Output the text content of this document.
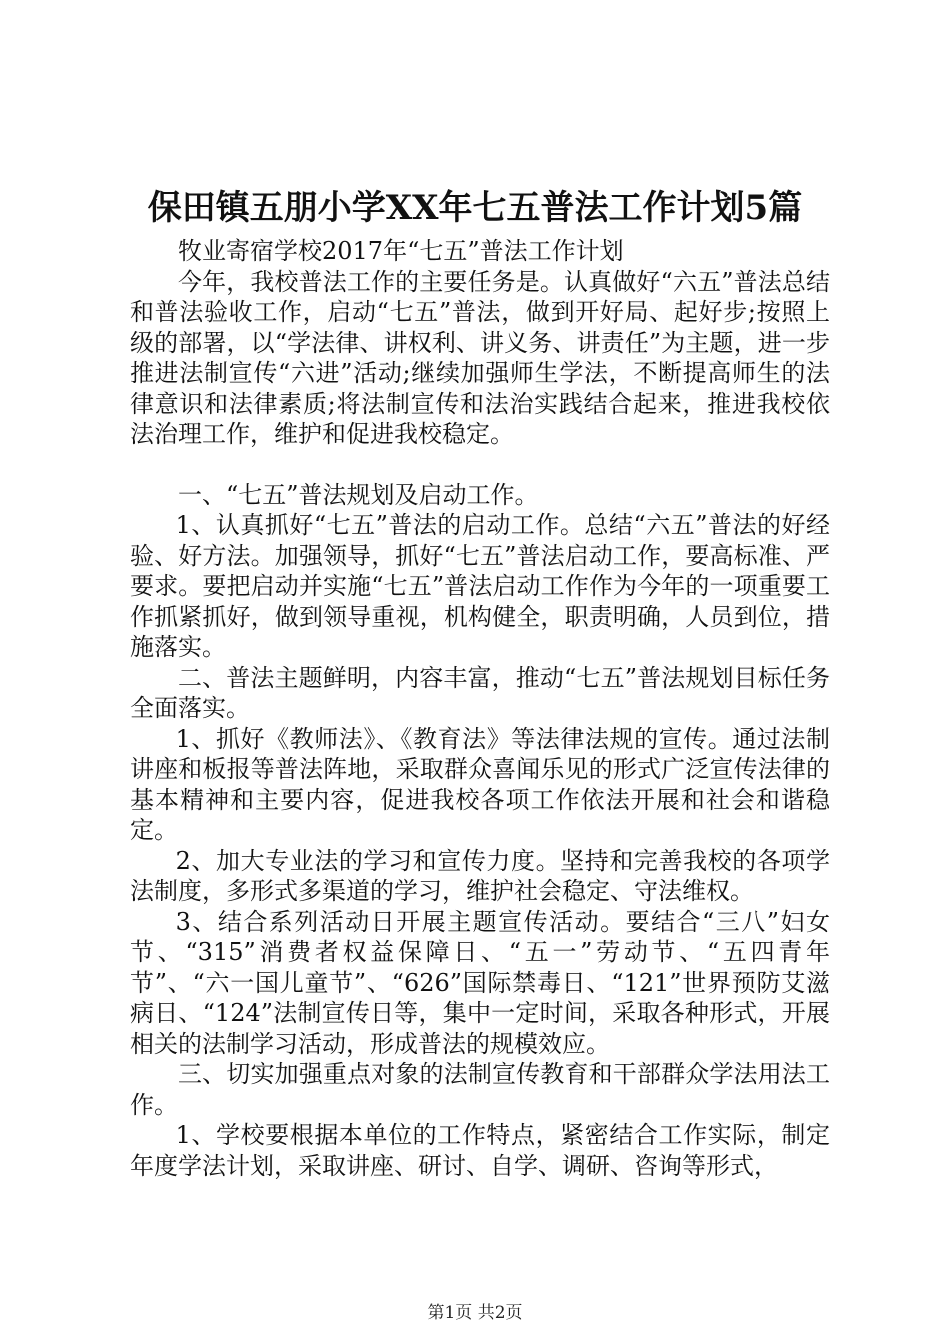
保田镇五朋小学XX年七五普法工作计划5篇

牧业寄宿学校2017年“七五”普法工作计划

今年，我校普法工作的主要任务是。认真做好“六五”普法总结和普法验收工作，启动“七五”普法，做到开好局、起好步;按照上级的部署，以“学法律、讲权利、讲义务、讲责任”为主题，进一步推进法制宣传“六进”活动;继续加强师生学法，不断提高师生的法律意识和法律素质;将法制宣传和法治实践结合起来，推进我校依法治理工作，维护和促进我校稳定。

一、“七五”普法规划及启动工作。

1、认真抓好“七五”普法的启动工作。总结“六五”普法的好经验、好方法。加强领导，抓好“七五”普法启动工作，要高标准、严要求。要把启动并实施“七五”普法启动工作作为今年的一项重要工作抓紧抓好，做到领导重视，机构健全，职责明确，人员到位，措施落实。

二、普法主题鲜明，内容丰富，推动“七五”普法规划目标任务全面落实。

1、抓好《教师法》、《教育法》等法律法规的宣传。通过法制讲座和板报等普法阵地，采取群众喜闻乐见的形式广泛宣传法律的基本精神和主要内容，促进我校各项工作依法开展和社会和谐稳定。

2、加大专业法的学习和宣传力度。坚持和完善我校的各项学法制度，多形式多渠道的学习，维护社会稳定、守法维权。

3、结合系列活动日开展主题宣传活动。要结合“三八”妇女节、“315”消费者权益保障日、“五一”劳动节、“五四青年节”、“六一国儿童节”、“626”国际禁毒日、“121”世界预防艾滋病日、“124”法制宣传日等，集中一定时间，采取各种形式，开展相关的法制学习活动，形成普法的规模效应。

三、切实加强重点对象的法制宣传教育和干部群众学法用法工作。

1、学校要根据本单位的工作特点，紧密结合工作实际，制定年度学法计划，采取讲座、研讨、自学、调研、咨询等形式，

第1页 共2页
